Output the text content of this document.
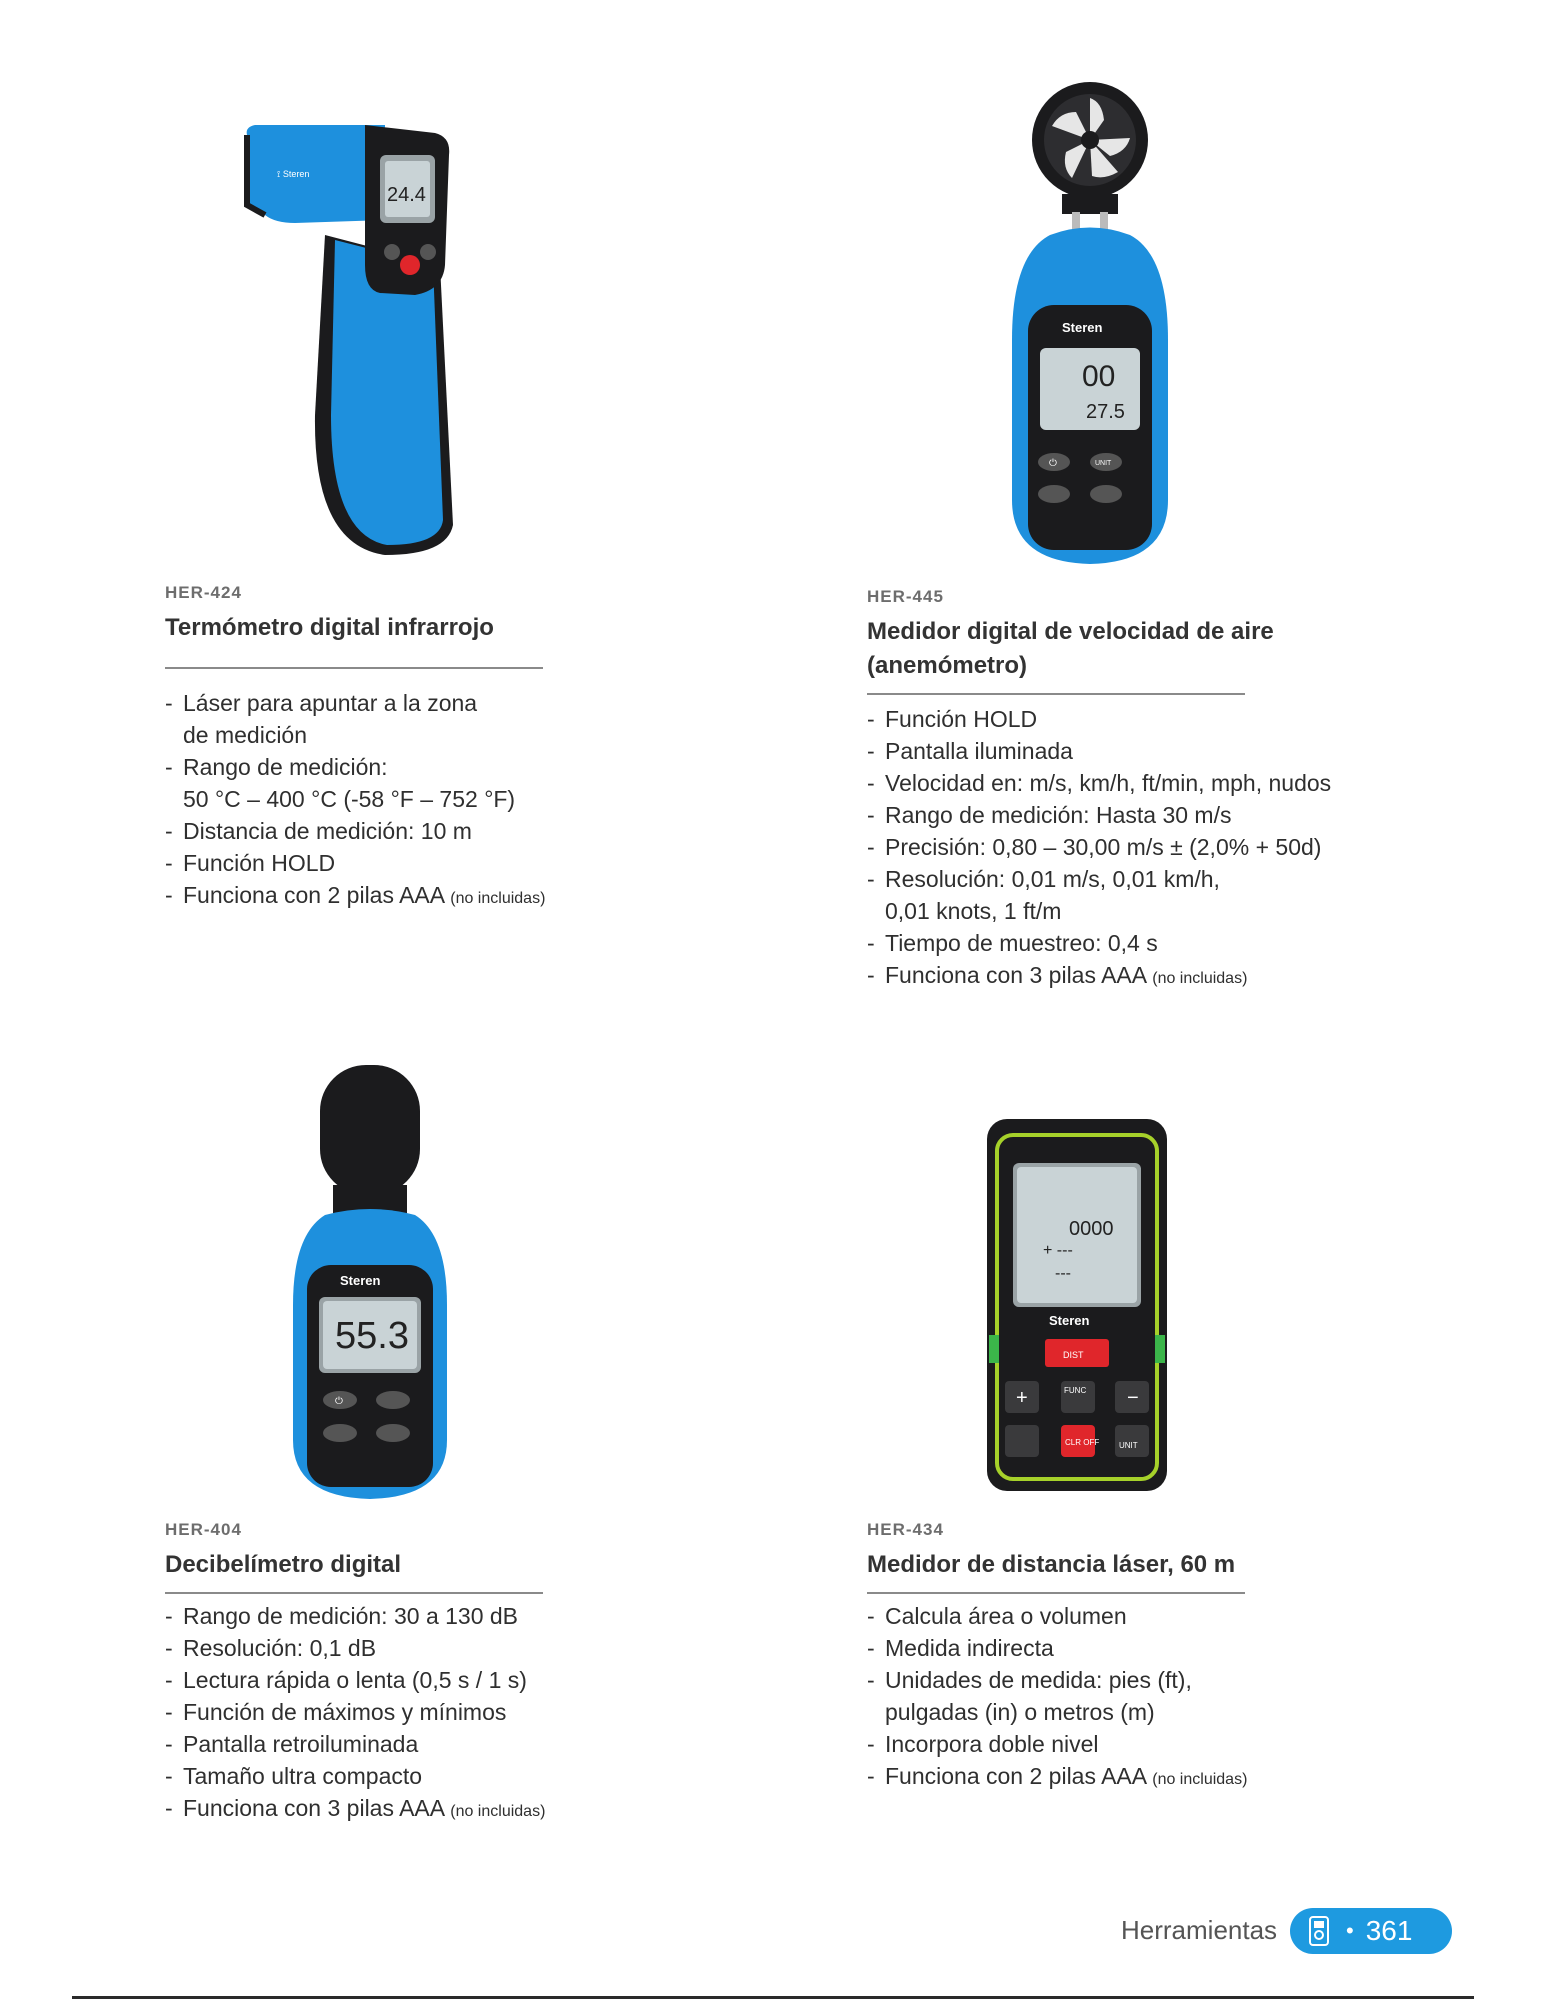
⟟ Steren
24.4

HER-424

Termómetro digital infrarrojo
- Láser para apuntar a la zona
de medición
- Rango de medición:
50 °C – 400 °C (-58 °F – 752 °F)
- Distancia de medición: 10 m
- Función HOLD
- Funciona con 2 pilas AAA (no incluidas)
Steren
00
27.5
⏻	UNIT

HER-445

Medidor digital de velocidad de aire
(anemómetro)
- Función HOLD
- Pantalla iluminada
- Velocidad en: m/s, km/h, ft/min, mph, nudos
- Rango de medición: Hasta 30 m/s
- Precisión: 0,80 – 30,00 m/s ± (2,0% + 50d)
- Resolución: 0,01 m/s, 0,01 km/h,
0,01 knots, 1 ft/m
- Tiempo de muestreo: 0,4 s
- Funciona con 3 pilas AAA (no incluidas)
Steren
55.3
⏻

HER-404

Decibelímetro digital
- Rango de medición: 30 a 130 dB
- Resolución: 0,1 dB
- Lectura rápida o lenta (0,5 s / 1 s)
- Función de máximos y mínimos
- Pantalla retroiluminada
- Tamaño ultra compacto
- Funciona con 3 pilas AAA (no incluidas)
0000
+ ---
---
Steren
DIST
+	FUNC −
CLR OFF UNIT

HER-434

Medidor de distancia láser, 60 m
- Calcula área o volumen
- Medida indirecta
- Unidades de medida: pies (ft),
pulgadas (in) o metros (m)
- Incorpora doble nivel
- Funciona con 2 pilas AAA (no incluidas)
Herramientas	• 361
